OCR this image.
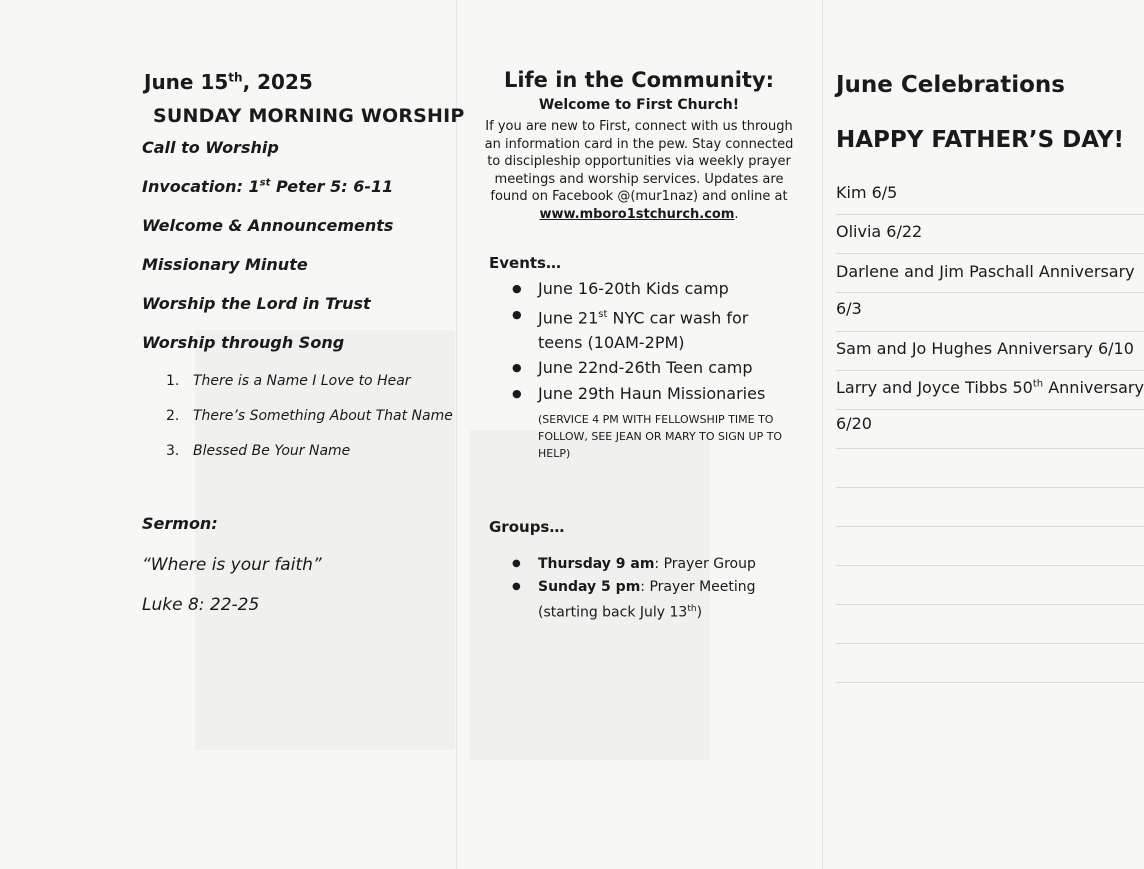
June 15th, 2025
SUNDAY MORNING WORSHIP
Call to Worship
Invocation: 1st Peter 5: 6-11
Welcome & Announcements
Missionary Minute
Worship the Lord in Trust
Worship through Song
1. There is a Name I Love to Hear
2. There’s Something About That Name
3. Blessed Be Your Name
Sermon:
“Where is your faith”
Luke 8: 22-25
Life in the Community:
Welcome to First Church!
If you are new to First, connect with us through an information card in the pew. Stay connected to discipleship opportunities via weekly prayer meetings and worship services. Updates are found on Facebook @(mur1naz) and online at www.mboro1stchurch.com.
Events…
● June 16-20th Kids camp
● June 21st NYC car wash for teens (10AM-2PM)
● June 22nd-26th Teen camp
● June 29th Haun Missionaries
(SERVICE 4 PM WITH FELLOWSHIP TIME TO FOLLOW, SEE JEAN OR MARY TO SIGN UP TO HELP)
Groups…
● Thursday 9 am: Prayer Group
● Sunday 5 pm: Prayer Meeting
(starting back July 13th)
June Celebrations
HAPPY FATHER’S DAY!
Kim 6/5
Olivia 6/22
Darlene and Jim Paschall Anniversary
6/3
Sam and Jo Hughes Anniversary 6/10
Larry and Joyce Tibbs 50th Anniversary
6/20
